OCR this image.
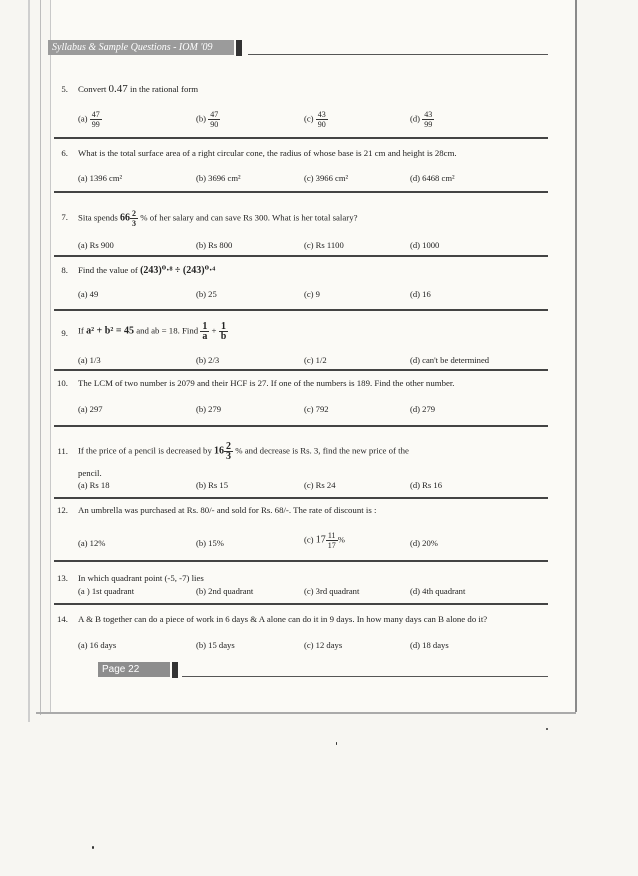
Syllabus & Sample Questions - IOM '09
5. Convert 0.47 in the rational form
$(a) \frac{47}{99}$	$(b) \frac{47}{90}$	$(c) \frac{43}{90}$	$(d) \frac{43}{99}$
6. What is the total surface area of a right circular cone, the radius of whose base is 21 cm and height is 28cm.
(a) 1396 cm²	(b) 3696 cm²	(c) 3966 cm²	(d) 6468 cm²
7. Sita spends $66 \frac{2}{3}$ % of her salary and can save Rs 300. What is her total salary?
(a) Rs 900	(b) Rs 800	(c) Rs 1100	(d) 1000
8. Find the value of (243)⁰·⁸ ÷ (243)⁰·⁴
(a) 49	(b) 25	(c) 9	(d) 16
9. If a² + b² = 45 and ab = 18. Find $\frac{1}{a} + \frac{1}{b}$
(a) 1/3	(b) 2/3	(c) 1/2	(d) can't be determined
10. The LCM of two number is 2079 and their HCF is 27. If one of the numbers is 189. Find the other number.
(a) 297	(b) 279	(c) 792	(d) 279
11. If the price of a pencil is decreased by $16 \frac{2}{3}$ % and decrease is Rs. 3, find the new price of the
pencil.
(a) Rs 18	(b) Rs 15	(c) Rs 24	(d) Rs 16
12. An umbrella was purchased at Rs. 80/- and sold for Rs. 68/-. The rate of discount is :
(a) 12%	(b) 15%	(c) $17 \frac{11}{17}$ %	(d) 20%
13. In which quadrant point (-5, -7) lies
(a ) 1st quadrant	(b) 2nd quadrant	(c) 3rd quadrant	(d) 4th quadrant
14. A & B together can do a piece of work in 6 days & A alone can do it in 9 days. In how many days can B alone do it?
(a) 16 days	(b) 15 days	(c) 12 days	(d) 18 days
Page 22
